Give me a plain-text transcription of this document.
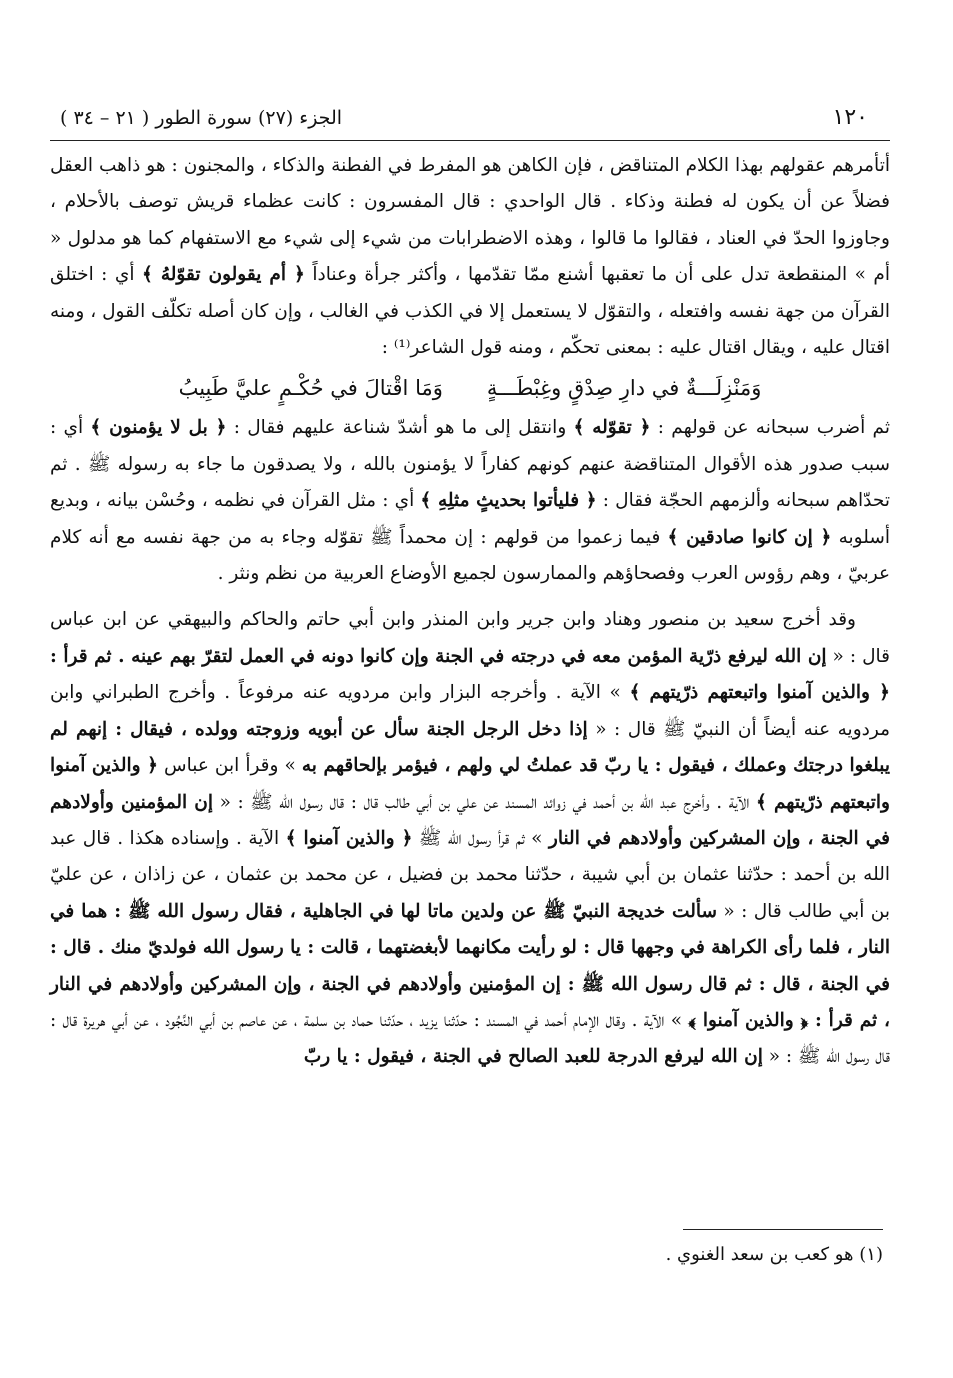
١٢٠
الجزء (٢٧) سورة الطور ( ٢١ – ٣٤ )

أتأمرهم عقولهم بهذا الكلام المتناقض ، فإن الكاهن هو المفرط في الفطنة والذكاء ، والمجنون : هو ذاهب العقل فضلاً عن أن يكون له فطنة وذكاء . قال الواحدي : قال المفسرون : كانت عظماء قريش توصف بالأحلام ، وجاوزوا الحدّ في العناد ، فقالوا ما قالوا ، وهذه الاضطرابات من شيء إلى شيء مع الاستفهام كما هو مدلول « أم » المنقطعة تدل على أن ما تعقبها أشنع ممّا تقدّمها ، وأكثر جرأة وعناداً ﴿ أم يقولون تقوّلهُ ﴾ أي : اختلق القرآن من جهة نفسه وافتعله ، والتقوّل لا يستعمل إلا في الكذب في الغالب ، وإن كان أصله تكلّف القول ، ومنه اقتال عليه ، ويقال اقتال عليه : بمعنى تحكّم ، ومنه قول الشاعر⁽¹⁾ :

وَمَنْزِلَـــةٌ في دارِ صِدْقٍ وغِبْطَـــةٍوَمَا اقْتالَ في حُكْـمٍ عليَّ طَبِيبُ

ثم أضرب سبحانه عن قولهم : ﴿ تقوّله ﴾ وانتقل إلى ما هو أشدّ شناعة عليهم فقال : ﴿ بل لا يؤمنون ﴾ أي : سبب صدور هذه الأقوال المتناقضة عنهم كونهم كفاراً لا يؤمنون بالله ، ولا يصدقون ما جاء به رسوله ﷺ . ثم تحدّاهم سبحانه وألزمهم الحجّة فقال : ﴿ فليأتوا بحديثٍ مثلِهِ ﴾ أي : مثل القرآن في نظمه ، وحُسْن بيانه ، وبديع أسلوبه ﴿ إن كانوا صادقين ﴾ فيما زعموا من قولهم : إن محمداً ﷺ تقوّله وجاء به من جهة نفسه مع أنه كلام عربيّ ، وهم رؤوس العرب وفصحاؤهم والممارسون لجميع الأوضاع العربية من نظم ونثر .

وقد أخرج سعيد بن منصور وهناد وابن جرير وابن المنذر وابن أبي حاتم والحاكم والبيهقي عن ابن عباس قال : « إن الله ليرفع ذرّية المؤمن معه في درجته في الجنة وإن كانوا دونه في العمل لتقرّ بهم عينه . ثم قرأ : ﴿ والذين آمنوا واتبعتهم ذرّيتهم ﴾ » الآية . وأخرجه البزار وابن مردويه عنه مرفوعاً . وأخرج الطبراني وابن مردويه عنه أيضاً أن النبيّ ﷺ قال : « إذا دخل الرجل الجنة سأل عن أبويه وزوجته وولده ، فيقال : إنهم لم يبلغوا درجتك وعملك ، فيقول : يا ربّ قد عملتُ لي ولهم ، فيؤمر بإلحاقهم به » وقرأ ابن عباس ﴿ والذين آمنوا واتبعتهم ذرّيتهم ﴾ الآية . وأخرج عبد الله بن أحمد في زوائد المسند عن علي بن أبي طالب قال : قال رسول الله ﷺ : « إن المؤمنين وأولادهم في الجنة ، وإن المشركين وأولادهم في النار » ثم قرأ رسول الله ﷺ ﴿ والذين آمنوا ﴾ الآية . وإسناده هكذا . قال عبد الله بن أحمد : حدّثنا عثمان بن أبي شيبة ، حدّثنا محمد بن فضيل ، عن محمد بن عثمان ، عن زاذان ، عن عليّ بن أبي طالب قال : « سألت خديجة النبيّ ﷺ عن ولدين ماتا لها في الجاهلية ، فقال رسول الله ﷺ : هما في النار ، فلما رأى الكراهة في وجهها قال : لو رأيت مكانهما لأبغضتهما ، قالت : يا رسول الله فولديّ منك . قال : في الجنة ، قال : ثم قال رسول الله ﷺ : إن المؤمنين وأولادهم في الجنة ، وإن المشركين وأولادهم في النار ، ثم قرأ : ﴿ والذين آمنوا ﴾ » الآية . وقال الإمام أحمد في المسند : حدّثنا يزيد ، حدّثنا حماد بن سلمة ، عن عاصم بن أبي النَّجُود ، عن أبي هريرة قال : قال رسول الله ﷺ : « إن الله ليرفع الدرجة للعبد الصالح في الجنة ، فيقول : يا ربّ

(١) هو كعب بن سعد الغنوي .
